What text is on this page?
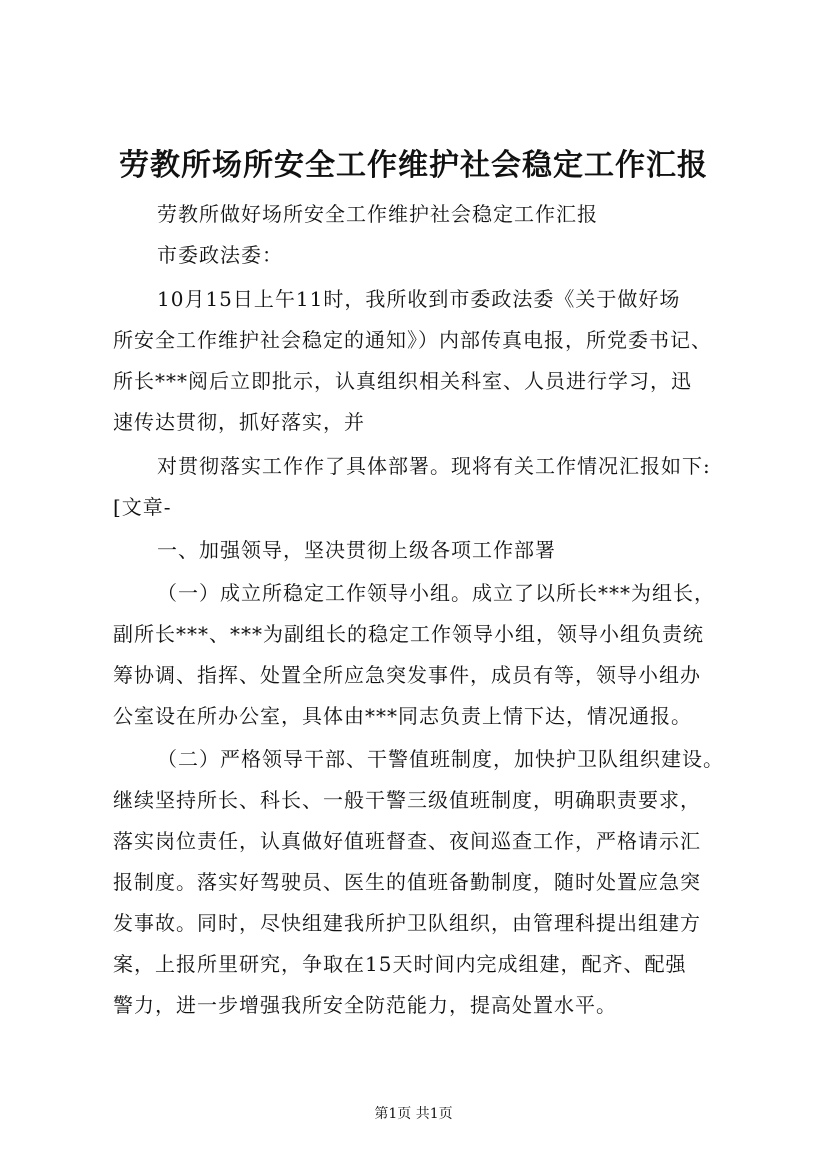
劳教所场所安全工作维护社会稳定工作汇报
劳教所做好场所安全工作维护社会稳定工作汇报
市委政法委：
10月15日上午11时，我所收到市委政法委《关于做好场
所安全工作维护社会稳定的通知》）内部传真电报，所党委书记、
所长***阅后立即批示，认真组织相关科室、人员进行学习，迅
速传达贯彻，抓好落实，并
对贯彻落实工作作了具体部署。现将有关工作情况汇报如下:
[文章-
一、加强领导，坚决贯彻上级各项工作部署
（一）成立所稳定工作领导小组。成立了以所长***为组长，
副所长***、***为副组长的稳定工作领导小组，领导小组负责统
筹协调、指挥、处置全所应急突发事件，成员有等，领导小组办
公室设在所办公室，具体由***同志负责上情下达，情况通报。
（二）严格领导干部、干警值班制度，加快护卫队组织建设。
继续坚持所长、科长、一般干警三级值班制度，明确职责要求，
落实岗位责任，认真做好值班督查、夜间巡查工作，严格请示汇
报制度。落实好驾驶员、医生的值班备勤制度，随时处置应急突
发事故。同时，尽快组建我所护卫队组织，由管理科提出组建方
案，上报所里研究，争取在15天时间内完成组建，配齐、配强
警力，进一步增强我所安全防范能力，提高处置水平。
第1页 共1页
